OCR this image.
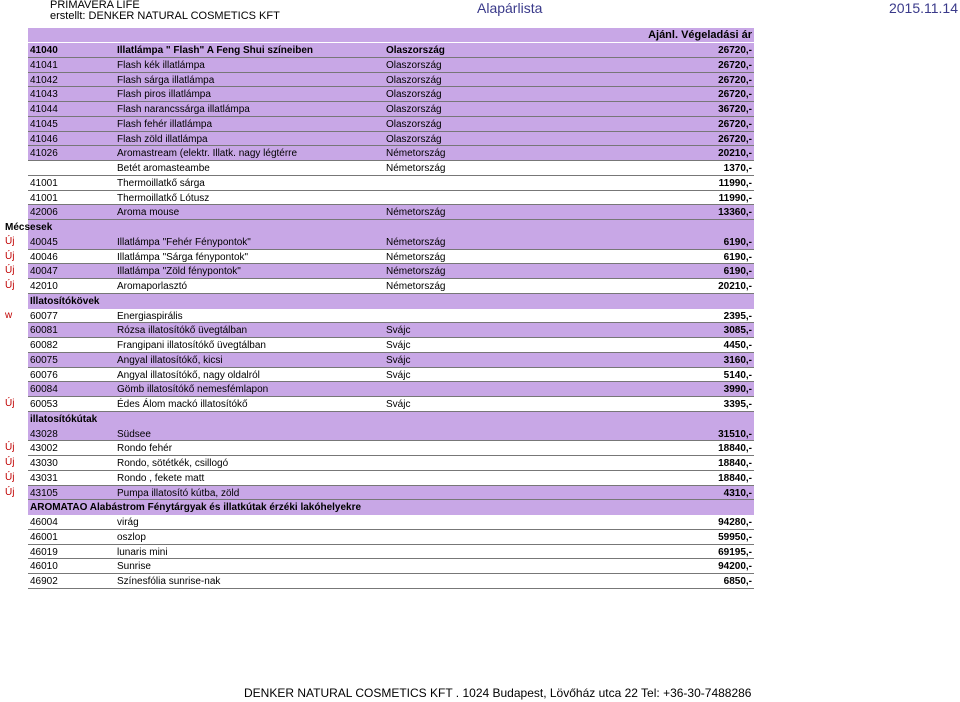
PRIMAVERA LIFE
erstellt: DENKER NATURAL COSMETICS KFT	Alapárlista	2015.11.14
Ajánl. Végeladási ár
41040	Illatlámpa " Flash" A Feng Shui színeiben	Olaszország	26720,-
41041	Flash kék illatlámpa	Olaszország	26720,-
41042	Flash sárga illatlámpa	Olaszország	26720,-
41043	Flash piros illatlámpa	Olaszország	26720,-
41044	Flash narancssárga illatlámpa	Olaszország	36720,-
41045	Flash fehér illatlámpa	Olaszország	26720,-
41046	Flash zöld illatlámpa	Olaszország	26720,-
41026	Aromastream (elektr. Illatk. nagy légtérre	Németország	20210,-
Betét aromasteambe	Németország	1370,-
41001	Thermoillatkő sárga	11990,-
41001	Thermoillatkő Lótusz	11990,-
42006	Aroma mouse	Németország	13360,-
Mécsesek
Új 40045	Illatlámpa "Fehér Fénypontok"	Németország	6190,-
Új 40046	Illatlámpa "Sárga fénypontok"	Németország	6190,-
Új 40047	Illatlámpa "Zöld fénypontok"	Németország	6190,-
Új 42010	Aromaporlasztó	Németország	20210,-
Illatosítókövek
w 60077	Energiaspirális	2395,-
60081	Rózsa illatosítókő üvegtálban	Svájc	3085,-
60082	Frangipani illatosítókő üvegtálban	Svájc	4450,-
60075	Angyal illatosítókő, kicsi	Svájc	3160,-
60076	Angyal illatosítókő, nagy oldalról	Svájc	5140,-
60084	Gömb illatosítókő nemesfémlapon	3990,-
Új 60053	Édes Álom mackó illatosítókő	Svájc	3395,-
illatosítókútak
43028	Südsee	31510,-
Új 43002	Rondo fehér	18840,-
Új 43030	Rondo, sötétkék, csillogó	18840,-
Új 43031	Rondo , fekete matt	18840,-
Új 43105	Pumpa illatosító kútba, zöld	4310,-
AROMATAO Alabástrom Fénytárgyak és illatkútak érzéki lakóhelyekre
46004	virág	94280,-
46001	oszlop	59950,-
46019	lunaris mini	69195,-
46010	Sunrise	94200,-
46902	Színesfólia sunrise-nak	6850,-
DENKER NATURAL COSMETICS KFT . 1024 Budapest, Lövőház utca 22 Tel: +36-30-7488286
